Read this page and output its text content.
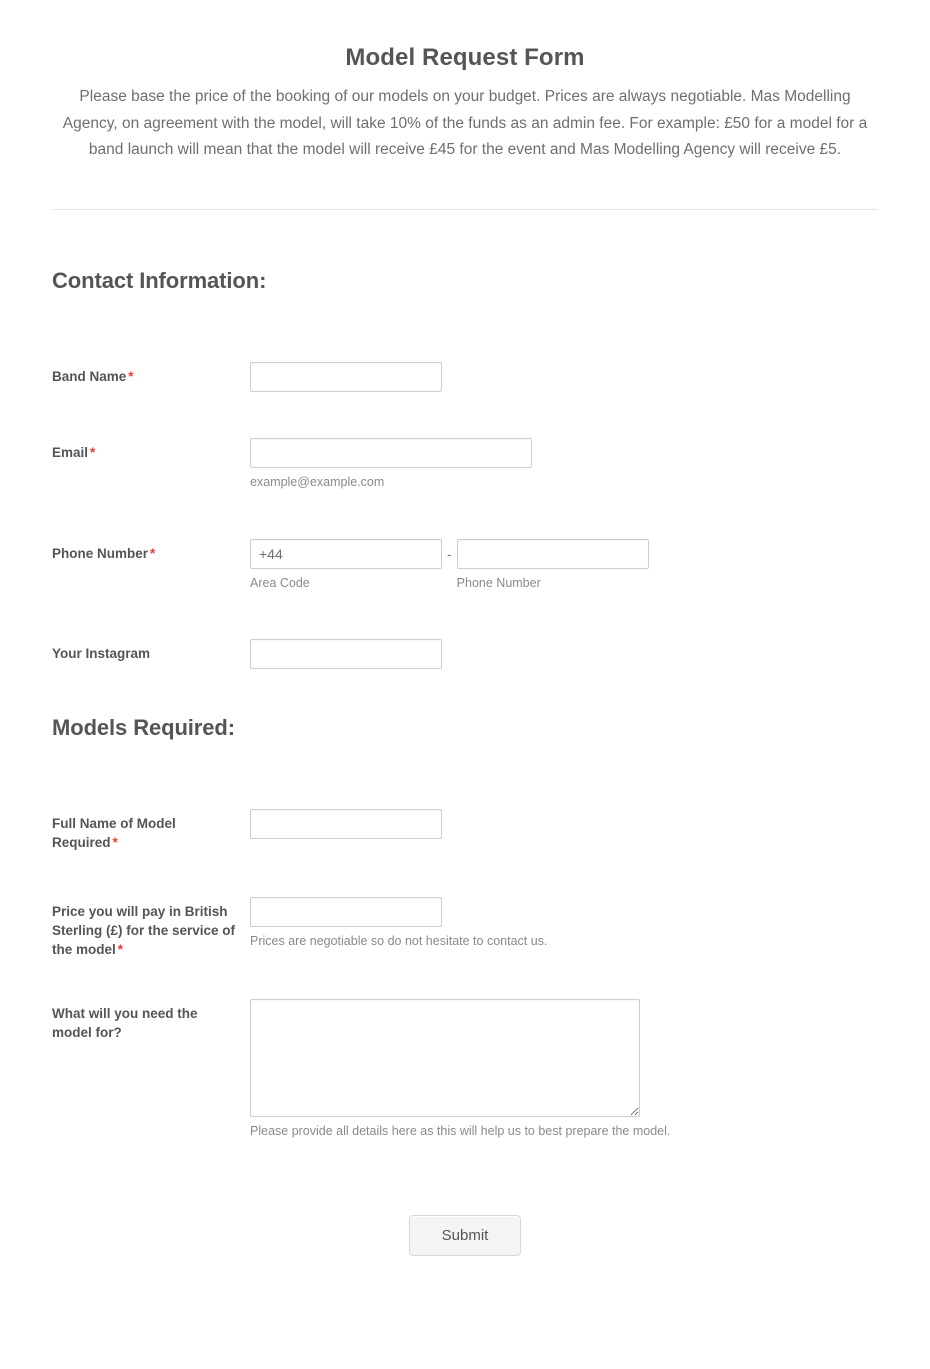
Model Request Form

Please base the price of the booking of our models on your budget. Prices are always negotiable. Mas Modelling Agency, on agreement with the model, will take 10% of the funds as an admin fee. For example: £50 for a model for a band launch will mean that the model will receive £45 for the event and Mas Modelling Agency will receive £5.

Contact Information:
Band Name *
Email *
example@example.com
Phone Number *
+44
Area Code
-
Phone Number
Your Instagram
Models Required:
Full Name of Model Required *
Price you will pay in British Sterling (£) for the service of the model *
Prices are negotiable so do not hesitate to contact us.
What will you need the model for?
Please provide all details here as this will help us to best prepare the model.
Submit
